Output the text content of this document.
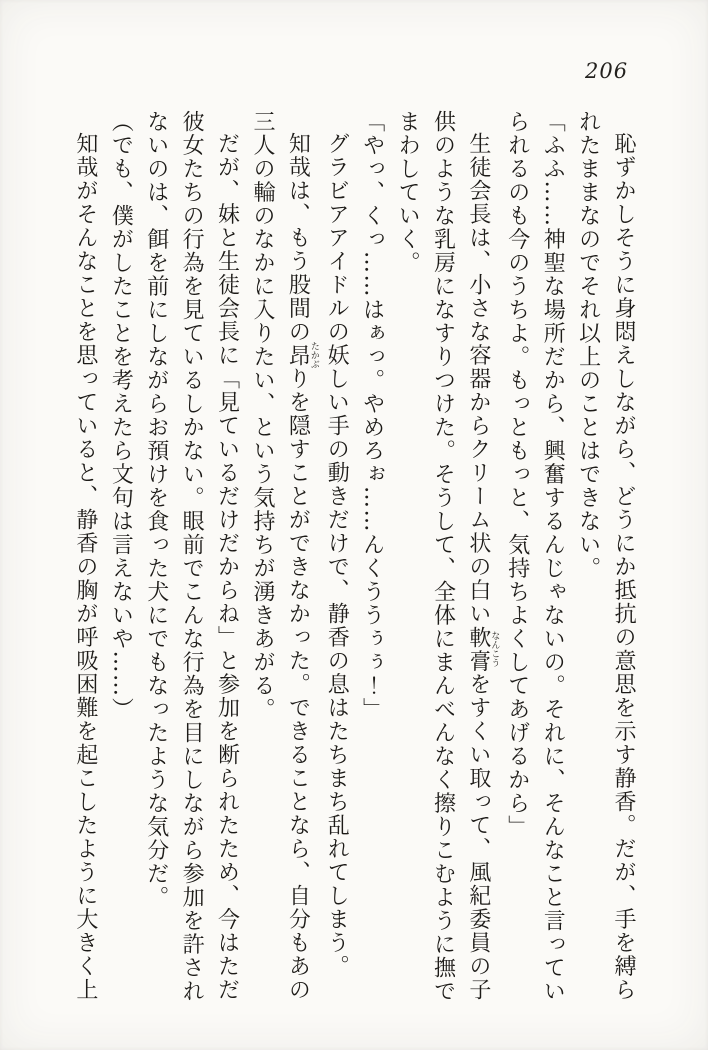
206

恥ずかしそうに身悶えしながら、どうにか抵抗の意思を示す静香。だが、手を縛られたままなのでそれ以上のことはできない。

「ふふ……神聖な場所だから、興奮するんじゃないの。それに、そんなこと言っていられるのも今のうちよ。もっともっと、気持ちよくしてあげるから」

生徒会長は、小さな容器からクリーム状の白い軟膏なんこうをすくい取って、風紀委員の子供のような乳房になすりつけた。そうして、全体にまんべんなく擦りこむように撫でまわしていく。

「やっ、くっ……はぁっ。やめろぉ……んくううぅぅ！」

グラビアアイドルの妖しい手の動きだけで、静香の息はたちまち乱れてしまう。

知哉は、もう股間の昂たかぶりを隠すことができなかった。できることなら、自分もあの三人の輪のなかに入りたい、という気持ちが湧きあがる。

だが、妹と生徒会長に「見ているだけだからね」と参加を断られたため、今はただ彼女たちの行為を見ているしかない。眼前でこんな行為を目にしながら参加を許されないのは、餌を前にしながらお預けを食った犬にでもなったような気分だ。

（でも、僕がしたことを考えたら文句は言えないや……）

知哉がそんなことを思っていると、静香の胸が呼吸困難を起こしたように大きく上
